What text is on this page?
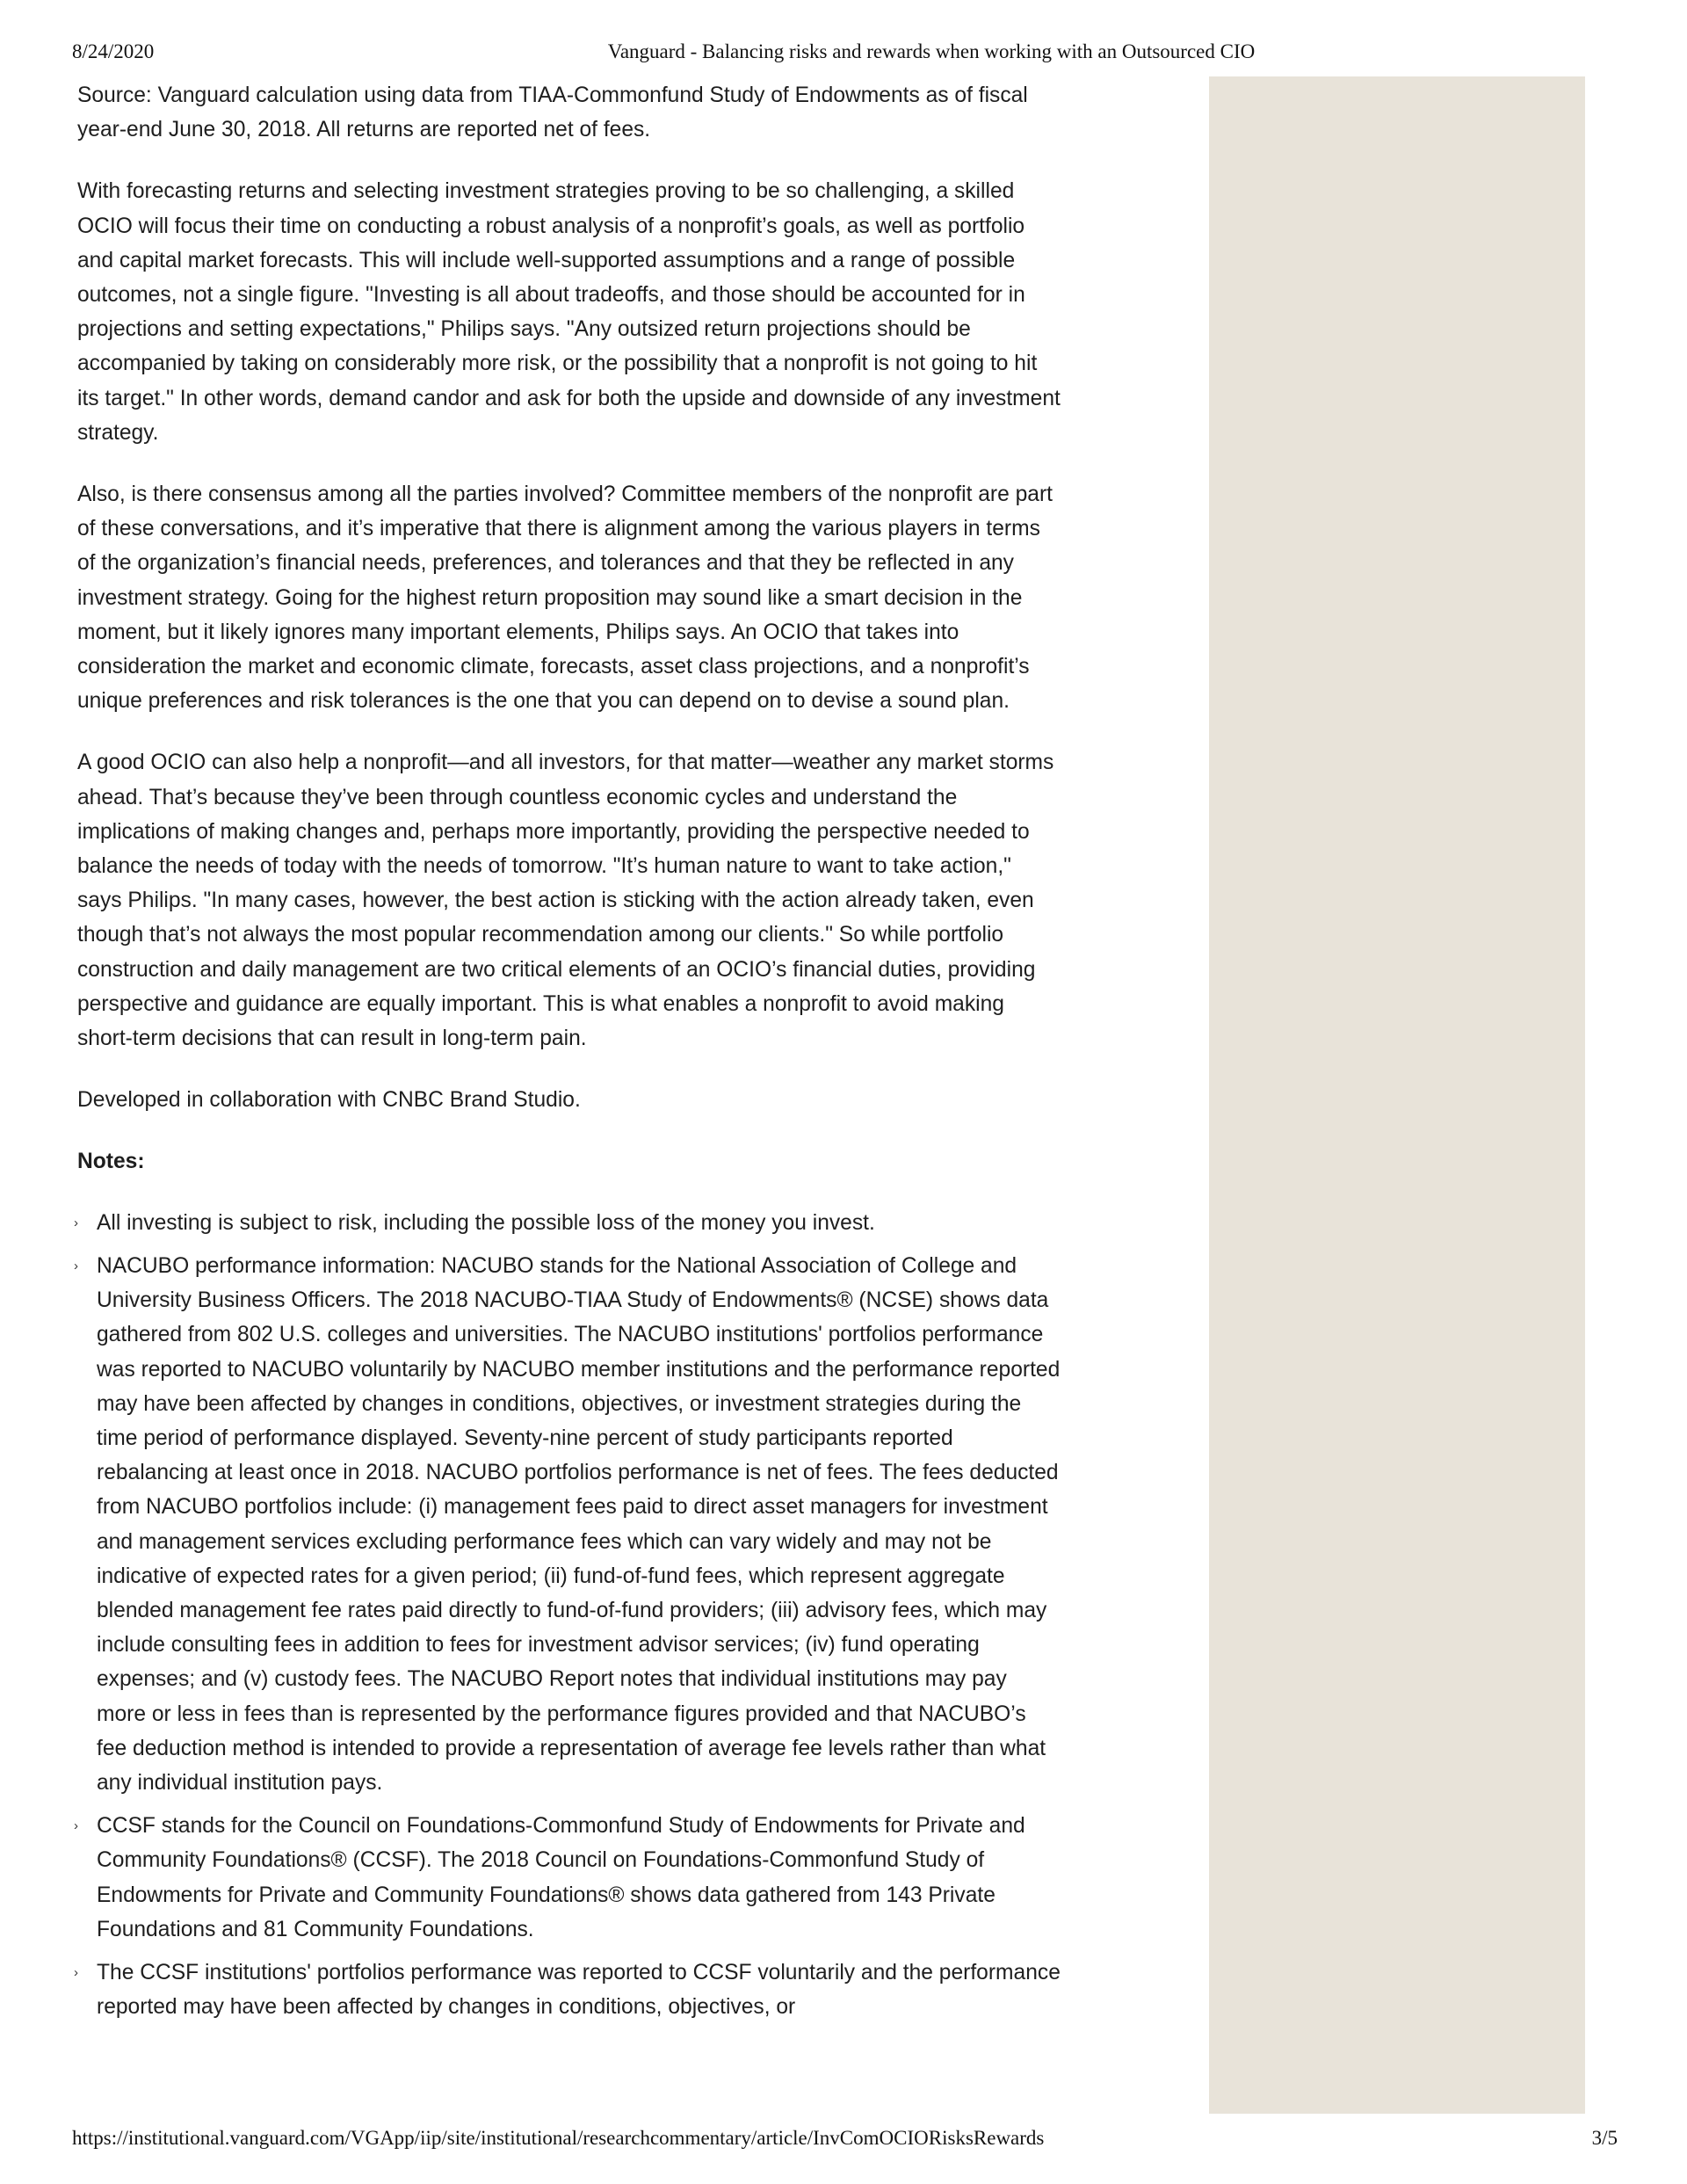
8/24/2020	Vanguard - Balancing risks and rewards when working with an Outsourced CIO

Source: Vanguard calculation using data from TIAA-Commonfund Study of Endowments as of fiscal year-end June 30, 2018. All returns are reported net of fees.

With forecasting returns and selecting investment strategies proving to be so challenging, a skilled OCIO will focus their time on conducting a robust analysis of a nonprofit’s goals, as well as portfolio and capital market forecasts. This will include well-supported assumptions and a range of possible outcomes, not a single figure. "Investing is all about tradeoffs, and those should be accounted for in projections and setting expectations," Philips says. "Any outsized return projections should be accompanied by taking on considerably more risk, or the possibility that a nonprofit is not going to hit its target." In other words, demand candor and ask for both the upside and downside of any investment strategy.

Also, is there consensus among all the parties involved? Committee members of the nonprofit are part of these conversations, and it’s imperative that there is alignment among the various players in terms of the organization’s financial needs, preferences, and tolerances and that they be reflected in any investment strategy. Going for the highest return proposition may sound like a smart decision in the moment, but it likely ignores many important elements, Philips says. An OCIO that takes into consideration the market and economic climate, forecasts, asset class projections, and a nonprofit’s unique preferences and risk tolerances is the one that you can depend on to devise a sound plan.

A good OCIO can also help a nonprofit—and all investors, for that matter—weather any market storms ahead. That’s because they’ve been through countless economic cycles and understand the implications of making changes and, perhaps more importantly, providing the perspective needed to balance the needs of today with the needs of tomorrow. "It’s human nature to want to take action," says Philips. "In many cases, however, the best action is sticking with the action already taken, even though that’s not always the most popular recommendation among our clients." So while portfolio construction and daily management are two critical elements of an OCIO’s financial duties, providing perspective and guidance are equally important. This is what enables a nonprofit to avoid making short-term decisions that can result in long-term pain.

Developed in collaboration with CNBC Brand Studio.

Notes:

› All investing is subject to risk, including the possible loss of the money you invest.
› NACUBO performance information: NACUBO stands for the National Association of College and University Business Officers. The 2018 NACUBO-TIAA Study of Endowments® (NCSE) shows data gathered from 802 U.S. colleges and universities. The NACUBO institutions' portfolios performance was reported to NACUBO voluntarily by NACUBO member institutions and the performance reported may have been affected by changes in conditions, objectives, or investment strategies during the time period of performance displayed. Seventy-nine percent of study participants reported rebalancing at least once in 2018. NACUBO portfolios performance is net of fees. The fees deducted from NACUBO portfolios include: (i) management fees paid to direct asset managers for investment and management services excluding performance fees which can vary widely and may not be indicative of expected rates for a given period; (ii) fund-of-fund fees, which represent aggregate blended management fee rates paid directly to fund-of-fund providers; (iii) advisory fees, which may include consulting fees in addition to fees for investment advisor services; (iv) fund operating expenses; and (v) custody fees. The NACUBO Report notes that individual institutions may pay more or less in fees than is represented by the performance figures provided and that NACUBO’s fee deduction method is intended to provide a representation of average fee levels rather than what any individual institution pays.
› CCSF stands for the Council on Foundations-Commonfund Study of Endowments for Private and Community Foundations® (CCSF). The 2018 Council on Foundations-Commonfund Study of Endowments for Private and Community Foundations® shows data gathered from 143 Private Foundations and 81 Community Foundations.
› The CCSF institutions' portfolios performance was reported to CCSF voluntarily and the performance reported may have been affected by changes in conditions, objectives, or
https://institutional.vanguard.com/VGApp/iip/site/institutional/researchcommentary/article/InvComOCIORisksRewards	3/5
